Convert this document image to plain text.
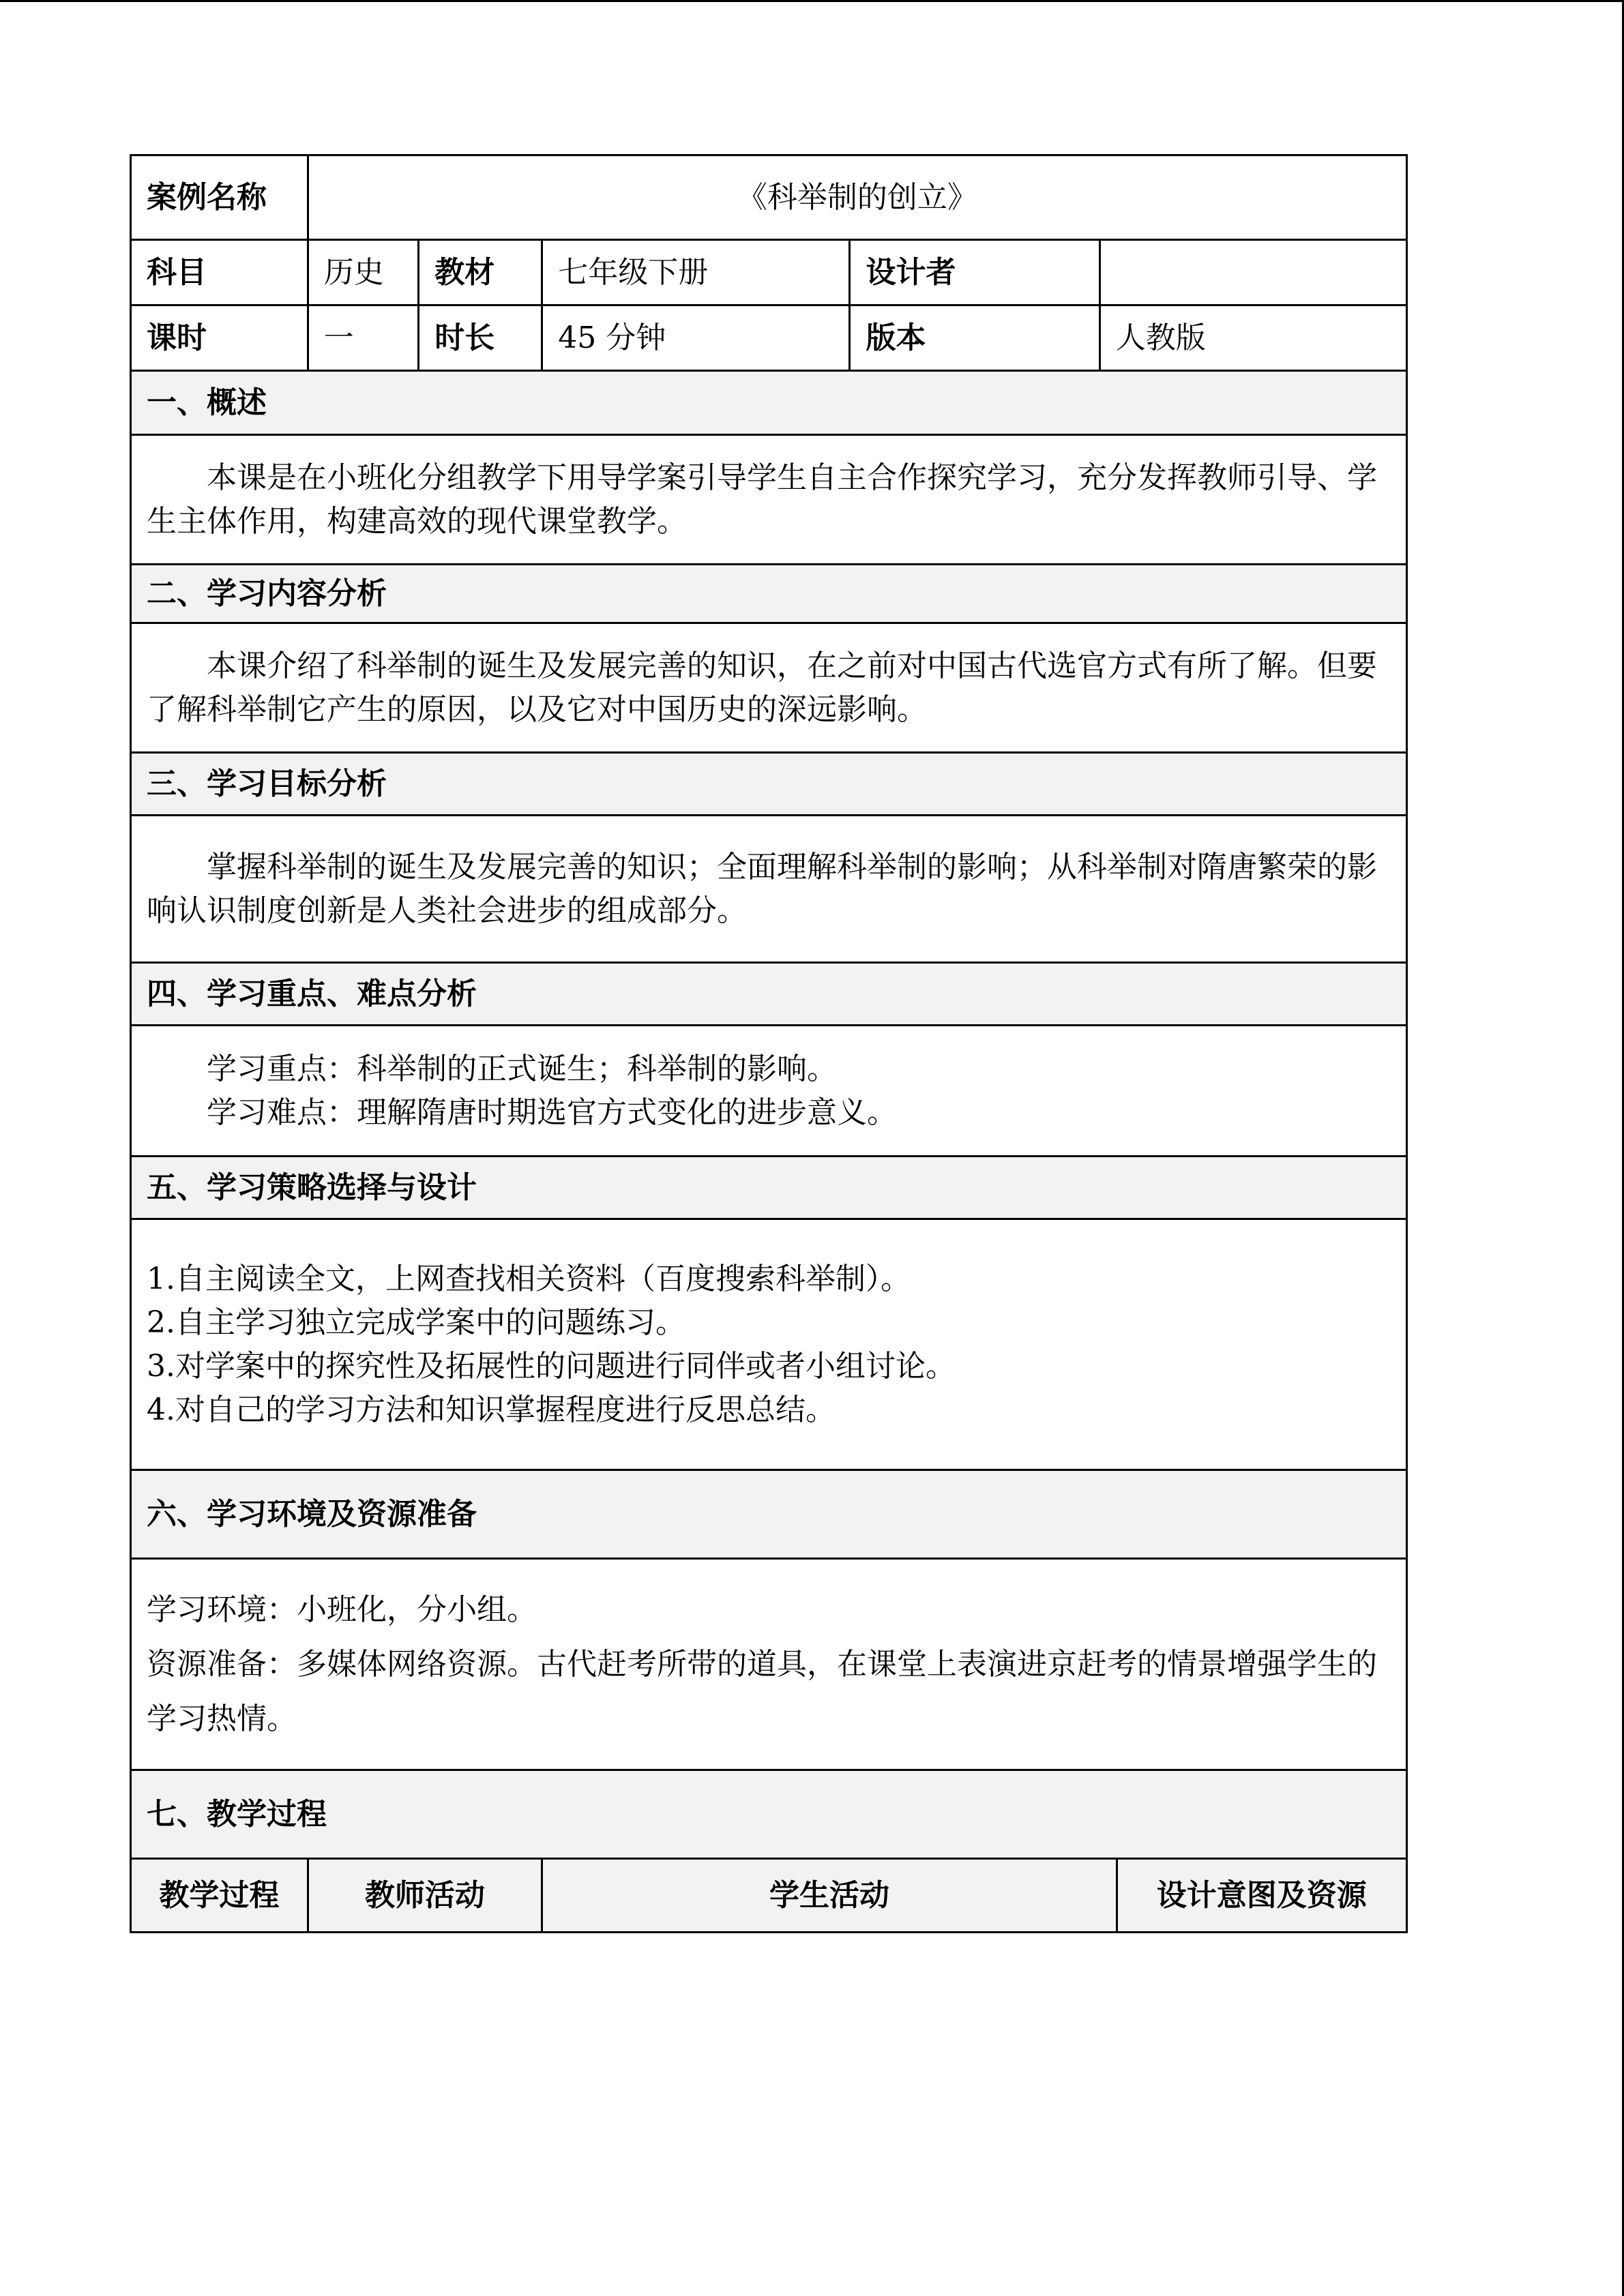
案例名称	《科举制的创立》					
科目	历史	教材	七年级下册	设计者		
课时	一	时长	45 分钟	版本	人教版	
一、概述						
本课是在小班化分组教学下用导学案引导学生自主合作探究学习，充分发挥教师引导、学生主体作用，构建高效的现代课堂教学。						
二、学习内容分析						
本课介绍了科举制的诞生及发展完善的知识，在之前对中国古代选官方式有所了解。但要了解科举制它产生的原因，以及它对中国历史的深远影响。						
三、学习目标分析						
掌握科举制的诞生及发展完善的知识；全面理解科举制的影响；从科举制对隋唐繁荣的影响认识制度创新是人类社会进步的组成部分。						
四、学习重点、难点分析						

学习重点：科举制的正式诞生；科举制的影响。
学习难点：理解隋唐时期选官方式变化的进步意义。						

五、学习策略选择与设计						

1.自主阅读全文，上网查找相关资料（百度搜索科举制）。
2.自主学习独立完成学案中的问题练习。
3.对学案中的探究性及拓展性的问题进行同伴或者小组讨论。
4.对自己的学习方法和知识掌握程度进行反思总结。						

六、学习环境及资源准备						

学习环境：小班化，分小组。
资源准备：多媒体网络资源。古代赶考所带的道具，在课堂上表演进京赶考的情景增强学生的学习热情。						

七、教学过程						
教学过程	教师活动		学生活动			设计意图及资源
